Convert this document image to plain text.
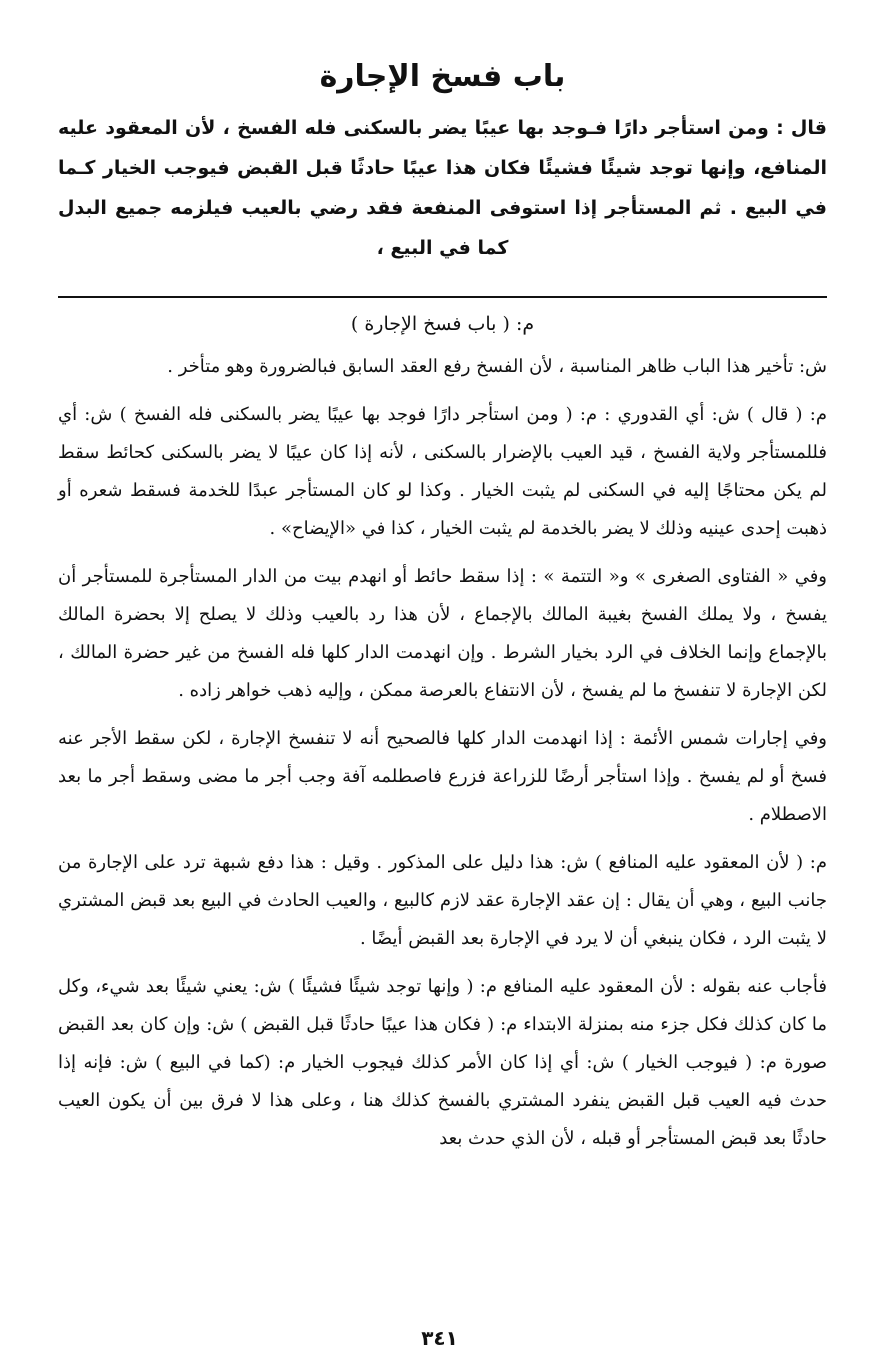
باب فسخ الإجارة
قال : ومن استأجر دارًا فـوجد بها عيبًا يضر بالسكنى فله الفسخ ، لأن المعقود عليه المنافع، وإنها توجد شيئًا فشيئًا فكان هذا عيبًا حادثًا قبل القبض فيوجب الخيار كـما في البيع . ثم المستأجر إذا استوفى المنفعة فقد رضي بالعيب فيلزمه جميع البدل كما في البيع ،
م: ( باب فسخ الإجارة )

ش: تأخير هذا الباب ظاهر المناسبة ، لأن الفسخ رفع العقد السابق فبالضرورة وهو متأخر .

م: ( قال ) ش: أي القدوري : م: ( ومن استأجر دارًا فوجد بها عيبًا يضر بالسكنى فله الفسخ ) ش: أي فللمستأجر ولاية الفسخ ، قيد العيب بالإضرار بالسكنى ، لأنه إذا كان عيبًا لا يضر بالسكنى كحائط سقط لم يكن محتاجًا إليه في السكنى لم يثبت الخيار . وكذا لو كان المستأجر عبدًا للخدمة فسقط شعره أو ذهبت إحدى عينيه وذلك لا يضر بالخدمة لم يثبت الخيار ، كذا في «الإيضاح» .

وفي « الفتاوى الصغرى » و« التتمة » : إذا سقط حائط أو انهدم بيت من الدار المستأجرة للمستأجر أن يفسخ ، ولا يملك الفسخ بغيبة المالك بالإجماع ، لأن هذا رد بالعيب وذلك لا يصلح إلا بحضرة المالك بالإجماع وإنما الخلاف في الرد بخيار الشرط . وإن انهدمت الدار كلها فله الفسخ من غير حضرة المالك ، لكن الإجارة لا تنفسخ ما لم يفسخ ، لأن الانتفاع بالعرصة ممكن ، وإليه ذهب خواهر زاده .

وفي إجارات شمس الأئمة : إذا انهدمت الدار كلها فالصحيح أنه لا تنفسخ الإجارة ، لكن سقط الأجر عنه فسخ أو لم يفسخ . وإذا استأجر أرضًا للزراعة فزرع فاصطلمه آفة وجب أجر ما مضى وسقط أجر ما بعد الاصطلام .

م: ( لأن المعقود عليه المنافع ) ش: هذا دليل على المذكور . وقيل : هذا دفع شبهة ترد على الإجارة من جانب البيع ، وهي أن يقال : إن عقد الإجارة عقد لازم كالبيع ، والعيب الحادث في البيع بعد قبض المشتري لا يثبت الرد ، فكان ينبغي أن لا يرد في الإجارة بعد القبض أيضًا .

فأجاب عنه بقوله : لأن المعقود عليه المنافع م: ( وإنها توجد شيئًا فشيئًا ) ش: يعني شيئًا بعد شيء، وكل ما كان كذلك فكل جزء منه بمنزلة الابتداء م: ( فكان هذا عيبًا حادثًا قبل القبض ) ش: وإن كان بعد القبض صورة م: ( فيوجب الخيار ) ش: أي إذا كان الأمر كذلك فيجوب الخيار م: (كما في البيع ) ش: فإنه إذا حدث فيه العيب قبل القبض ينفرد المشتري بالفسخ كذلك هنا ، وعلى هذا لا فرق بين أن يكون العيب حادثًا بعد قبض المستأجر أو قبله ، لأن الذي حدث بعد

٣٤١
